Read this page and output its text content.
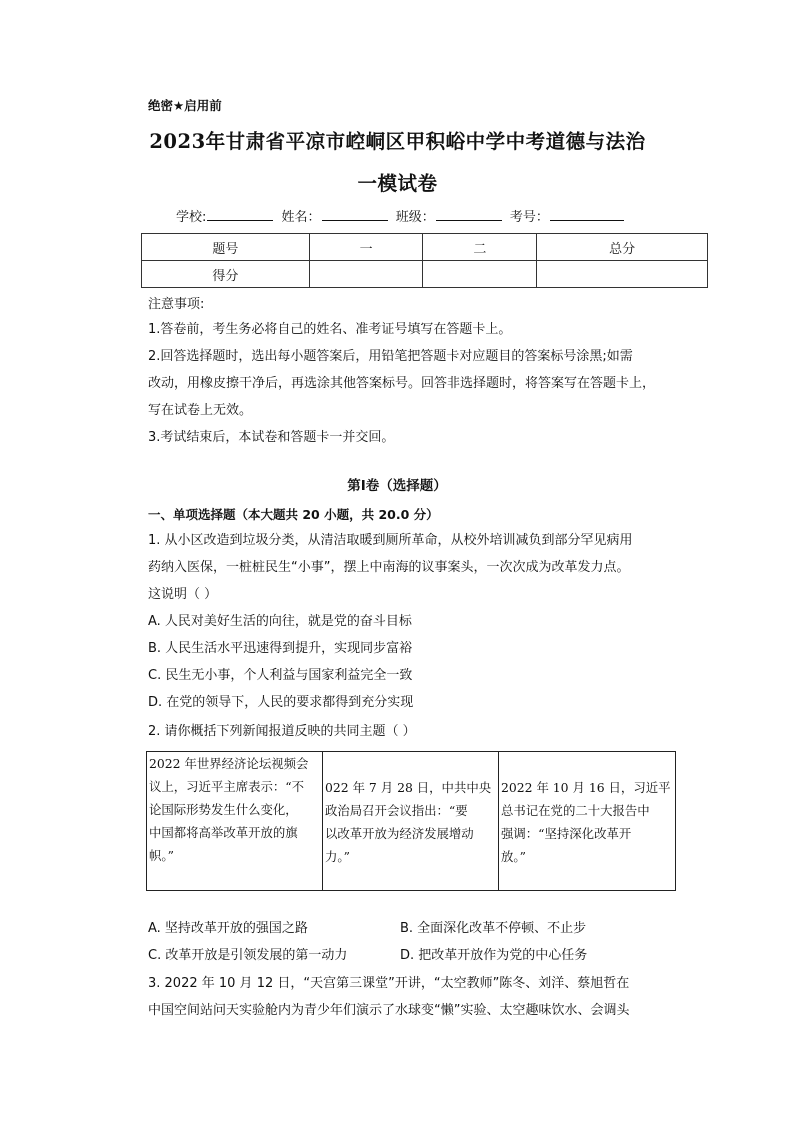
绝密★启用前
2023年甘肃省平凉市崆峒区甲积峪中学中考道德与法治
一模试卷
学校:	姓名：	班级：	考号：
题号	一	二	总分
得分			
注意事项:
1.答卷前，考生务必将自己的姓名、准考证号填写在答题卡上。
2.回答选择题时，选出每小题答案后，用铅笔把答题卡对应题目的答案标号涂黑;如需
改动，用橡皮擦干净后，再选涂其他答案标号。回答非选择题时，将答案写在答题卡上，
写在试卷上无效。
3.考试结束后，本试卷和答题卡一并交回。
第Ⅰ卷（选择题）
一、单项选择题（本大题共 20 小题，共 20.0 分）
1. 从小区改造到垃圾分类，从清洁取暖到厕所革命，从校外培训减负到部分罕见病用
药纳入医保，一桩桩民生“小事”，摆上中南海的议事案头，一次次成为改革发力点。
这说明（ ）
A. 人民对美好生活的向往，就是党的奋斗目标
B. 人民生活水平迅速得到提升，实现同步富裕
C. 民生无小事，个人利益与国家利益完全一致
D. 在党的领导下，人民的要求都得到充分实现
2. 请你概括下列新闻报道反映的共同主题（ ）
2022 年世界经济论坛视频会
议上，习近平主席表示：“不
论国际形势发生什么变化，
中国都将高举改革开放的旗
帜。”

022 年 7 月 28 日，中共中央
政治局召开会议指出：“要
以改革开放为经济发展增动
力。”

2022 年 10 月 16 日，习近平
总书记在党的二十大报告中
强调：“坚持深化改革开
放。”
A. 坚持改革开放的强国之路	B. 全面深化改革不停顿、不止步
C. 改革开放是引领发展的第一动力	D. 把改革开放作为党的中心任务
3. 2022 年 10 月 12 日，“天宫第三课堂”开讲，“太空教师”陈冬、刘洋、蔡旭哲在
中国空间站问天实验舱内为青少年们演示了水球变“懒”实验、太空趣味饮水、会调头
